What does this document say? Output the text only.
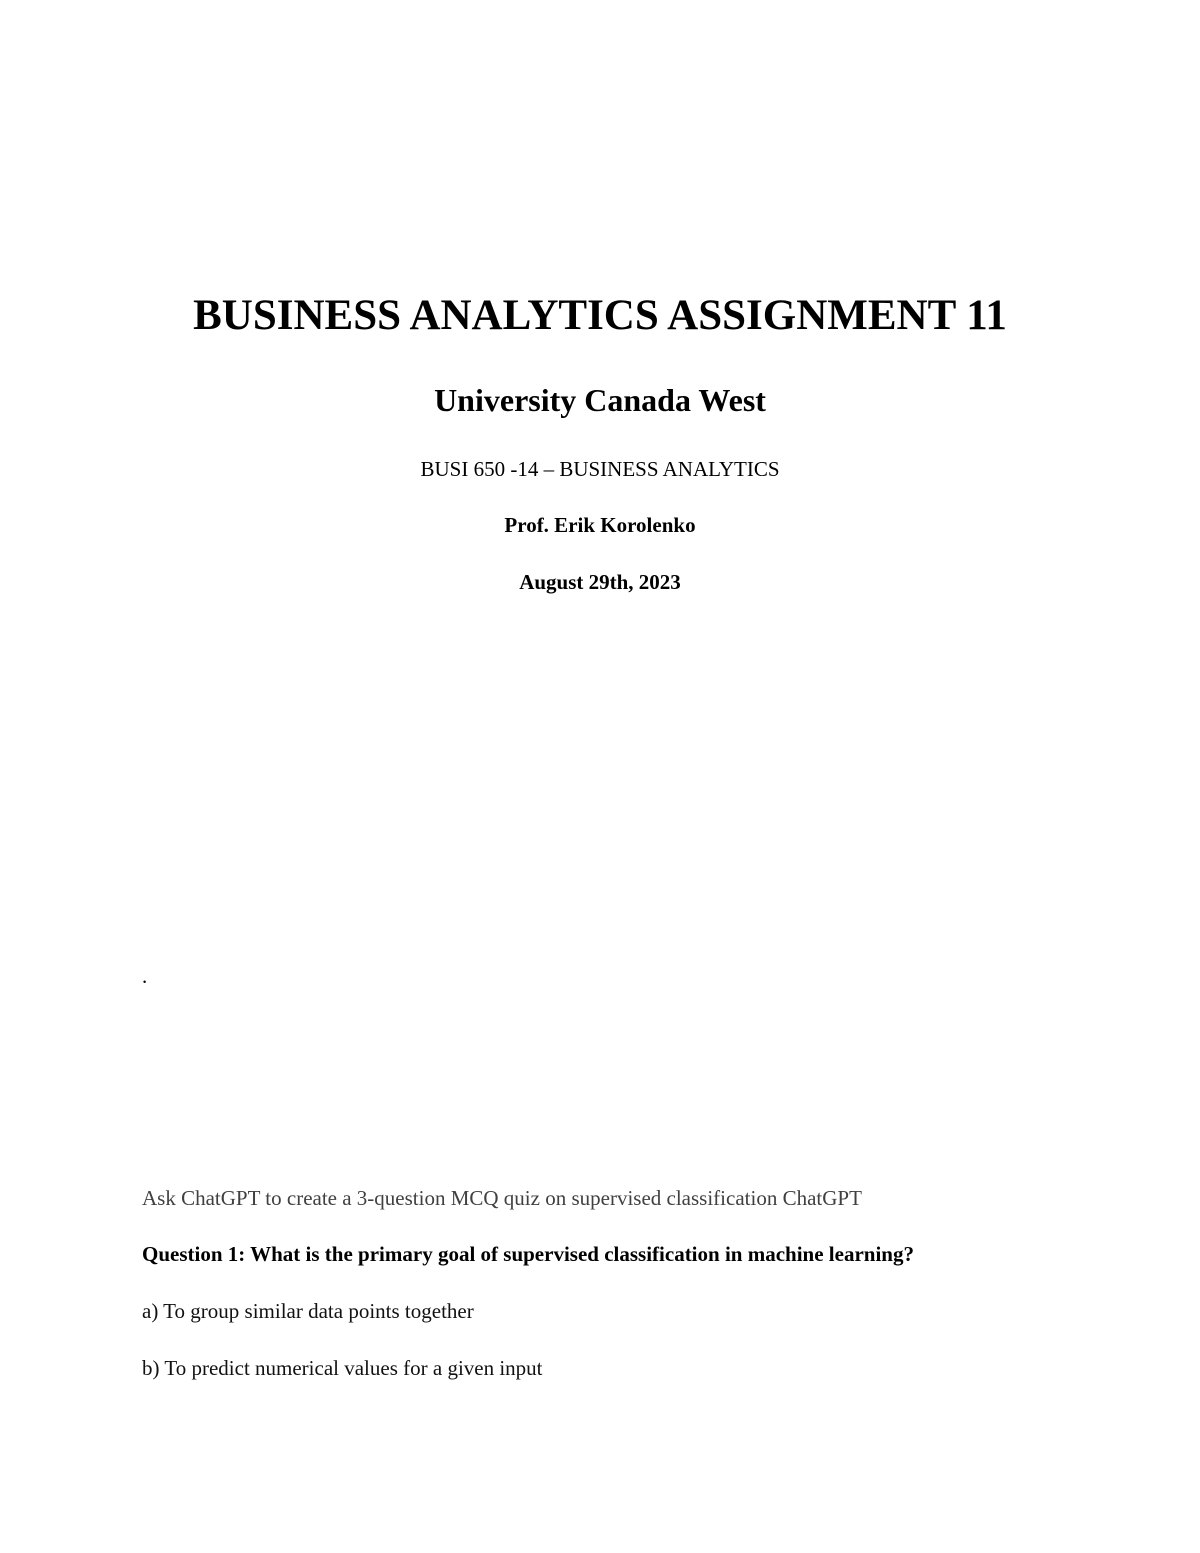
BUSINESS ANALYTICS ASSIGNMENT 11
University Canada West
BUSI 650 -14 – BUSINESS ANALYTICS
Prof. Erik Korolenko
August 29th, 2023
.
Ask ChatGPT to create a 3-question MCQ quiz on supervised classification ChatGPT
Question 1: What is the primary goal of supervised classification in machine learning?
a) To group similar data points together
b) To predict numerical values for a given input
